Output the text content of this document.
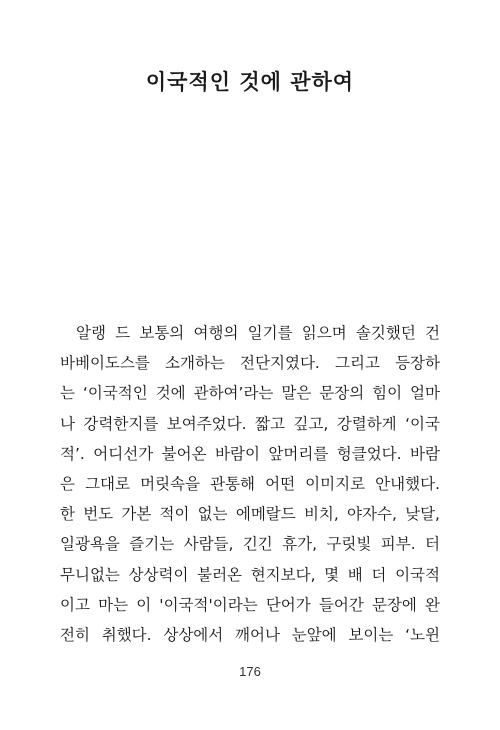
이국적인 것에 관하여
알랭 드 보통의 여행의 일기를 읽으며 솔깃했던 건
바베이도스를 소개하는 전단지였다. 그리고 등장하
는 ‘이국적인 것에 관하여’라는 말은 문장의 힘이 얼마
나 강력한지를 보여주었다. 짧고 깊고, 강렬하게 ‘이국
적’. 어디선가 불어온 바람이 앞머리를 헝클었다. 바람
은 그대로 머릿속을 관통해 어떤 이미지로 안내했다.
한 번도 가본 적이 없는 에메랄드 비치, 야자수, 낮달,
일광욕을 즐기는 사람들, 긴긴 휴가, 구릿빛 피부. 터
무니없는 상상력이 불러온 현지보다, 몇 배 더 이국적
이고 마는 이 '이국적'이라는 단어가 들어간 문장에 완
전히 취했다. 상상에서 깨어나 눈앞에 보이는 ‘노윈

176
